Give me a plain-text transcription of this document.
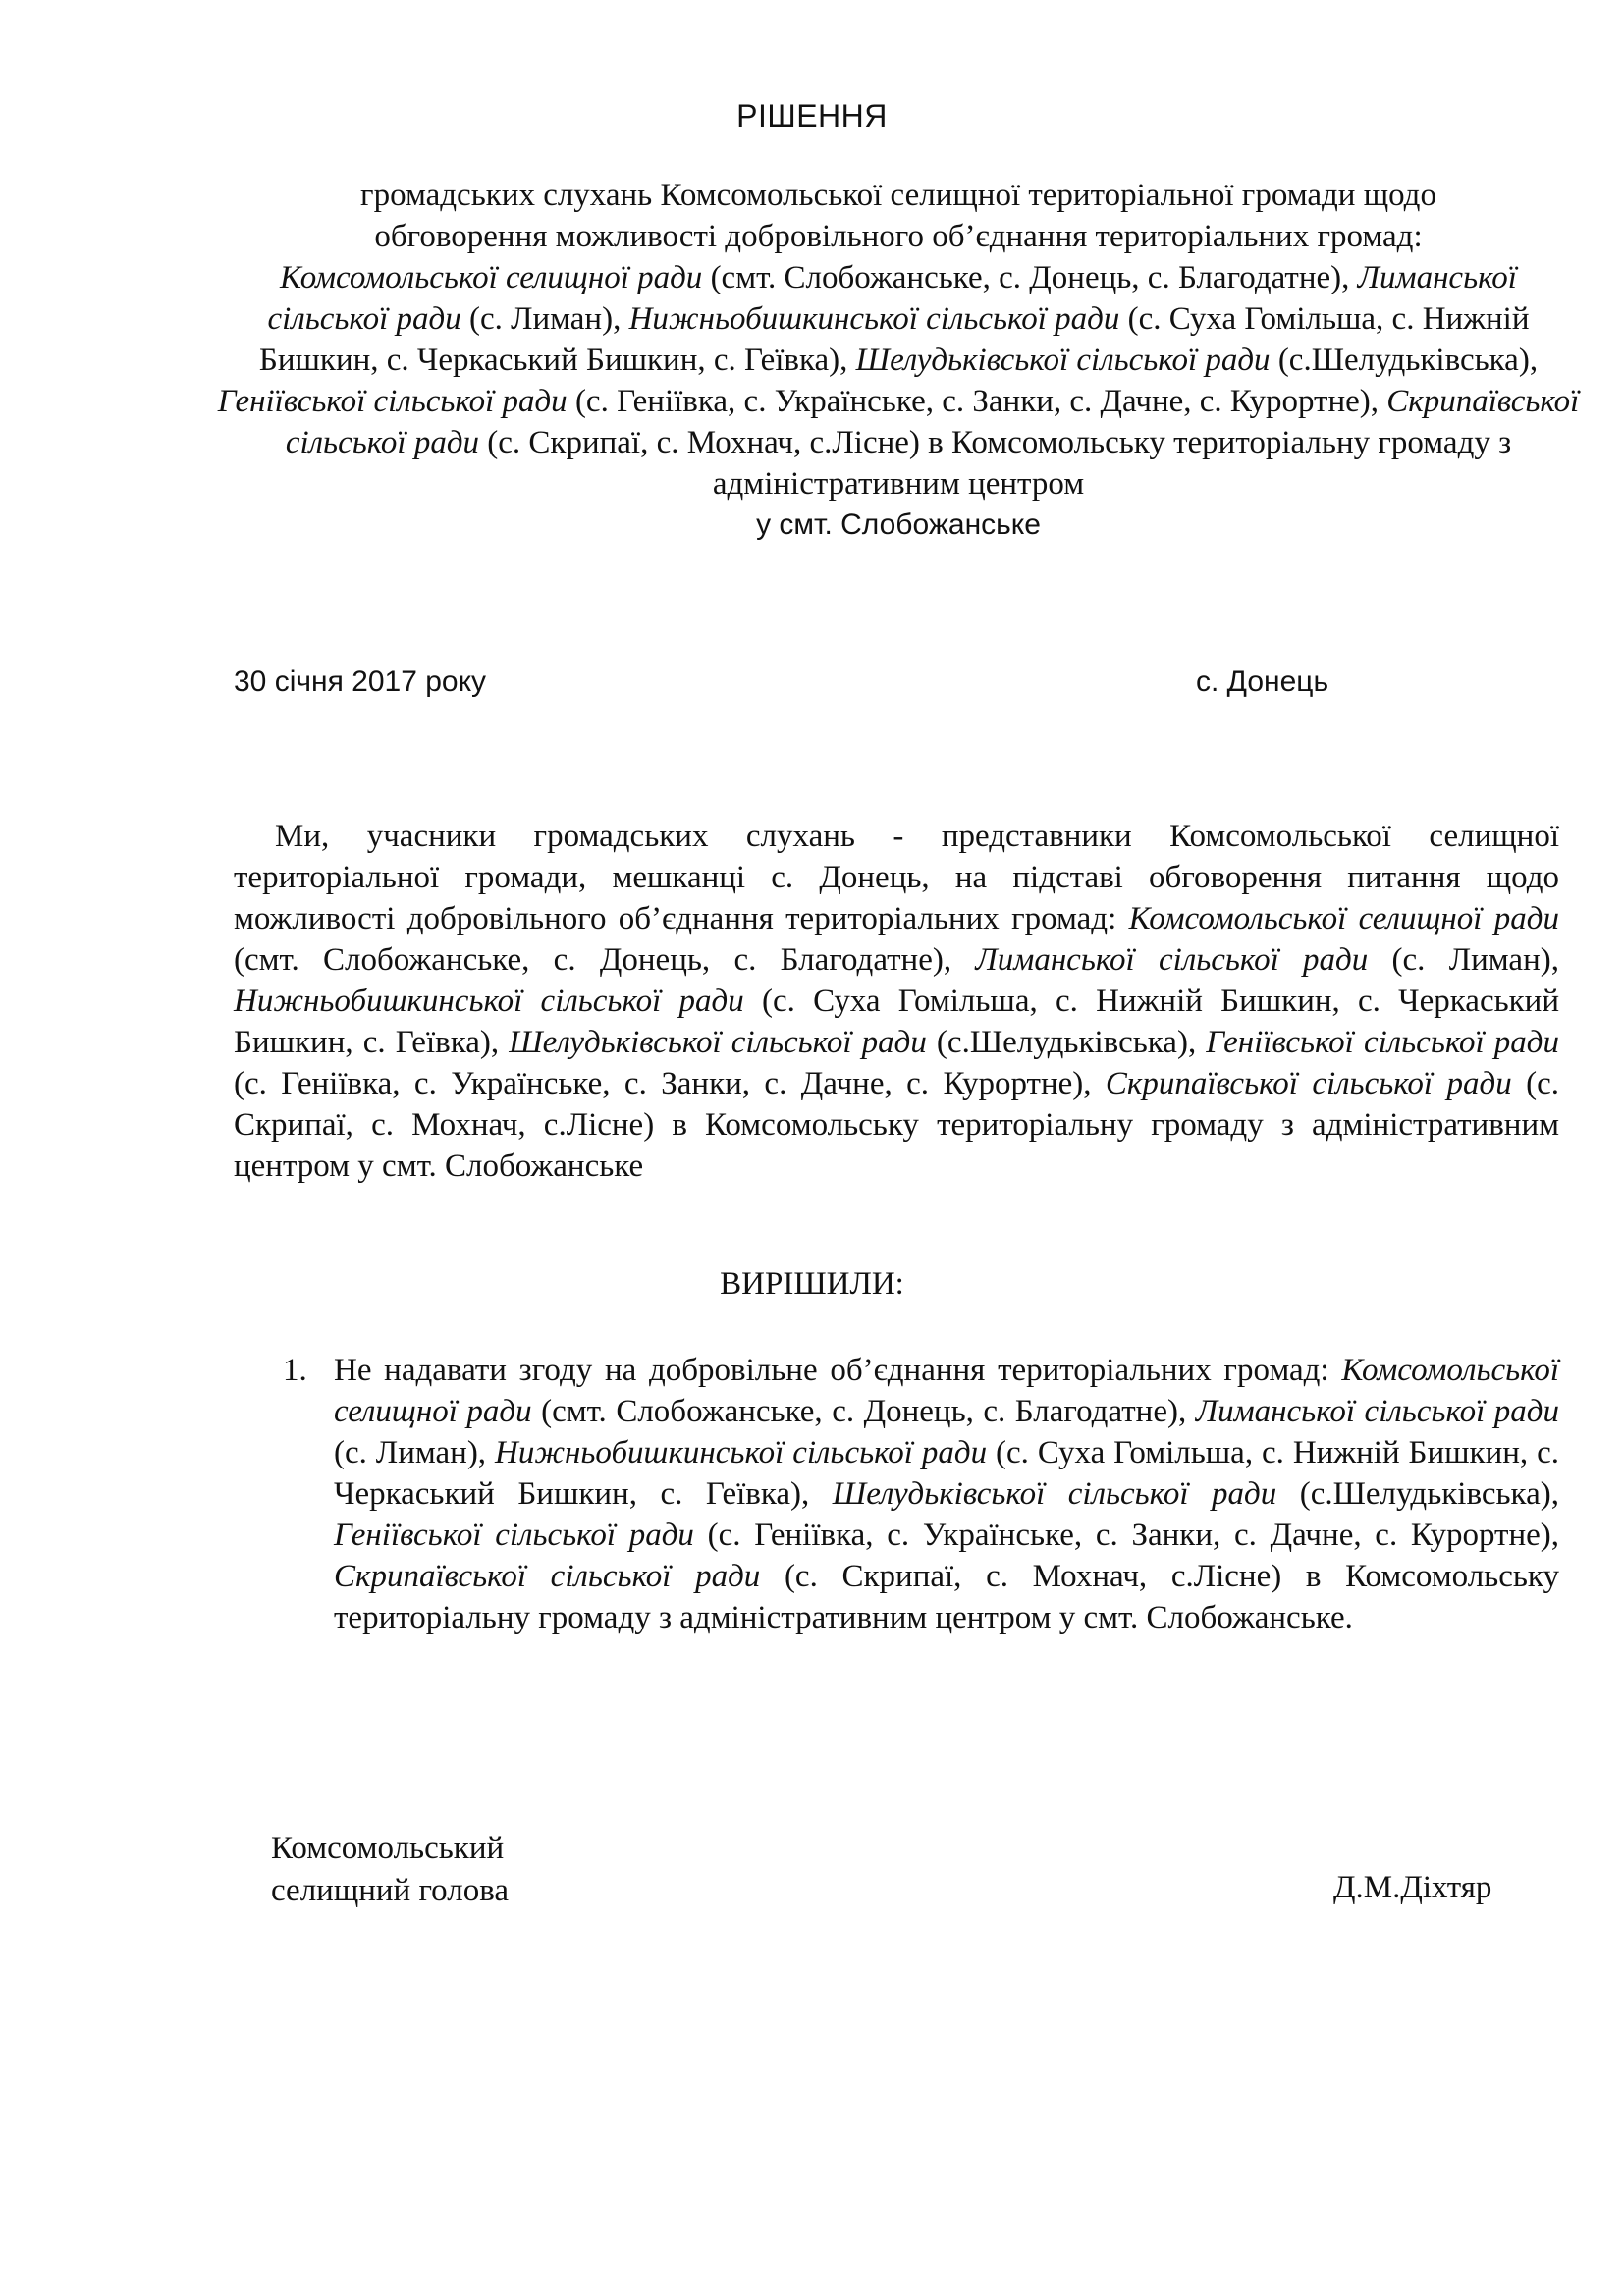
РІШЕННЯ
громадських слухань Комсомольської селищної територіальної громади щодо
обговорення можливості добровільного об’єднання територіальних громад:
Комсомольської селищної ради (смт. Слобожанське, с. Донець, с. Благодатне), Лиманської сільської ради (с. Лиман), Нижньобишкинської сільської ради (с. Суха Гомільша, с. Нижній Бишкин, с. Черкаський Бишкин, с. Геївка), Шелудьківської сільської ради (с.Шелудьківська), Геніївської сільської ради (с. Геніївка, с. Українське, с. Занки, с. Дачне, с. Курортне), Скрипаївської сільської ради (с. Скрипаї, с. Мохнач, с.Лісне) в Комсомольську територіальну громаду з адміністративним центром
у смт. Слобожанське
30 січня 2017 року	с. Донець
Ми, учасники громадських слухань - представники Комсомольської селищної територіальної громади, мешканці с. Донець, на підставі обговорення питання щодо можливості добровільного об’єднання територіальних громад: Комсомольської селищної ради (смт. Слобожанське, с. Донець, с. Благодатне), Лиманської сільської ради (с. Лиман), Нижньобишкинської сільської ради (с. Суха Гомільша, с. Нижній Бишкин, с. Черкаський Бишкин, с. Геївка), Шелудьківської сільської ради (с.Шелудьківська), Геніївської сільської ради (с. Геніївка, с. Українське, с. Занки, с. Дачне, с. Курортне), Скрипаївської сільської ради (с. Скрипаї, с. Мохнач, с.Лісне) в Комсомольську територіальну громаду з адміністративним центром у смт. Слобожанське
ВИРІШИЛИ:
1. Не надавати згоду на добровільне об’єднання територіальних громад: Комсомольської селищної ради (смт. Слобожанське, с. Донець, с. Благодатне), Лиманської сільської ради (с. Лиман), Нижньобишкинської сільської ради (с. Суха Гомільша, с. Нижній Бишкин, с. Черкаський Бишкин, с. Геївка), Шелудьківської сільської ради (с.Шелудьківська), Геніївської сільської ради (с. Геніївка, с. Українське, с. Занки, с. Дачне, с. Курортне), Скрипаївської сільської ради (с. Скрипаї, с. Мохнач, с.Лісне) в Комсомольську територіальну громаду з адміністративним центром у смт. Слобожанське.
Комсомольський
селищний голова	Д.М.Діхтяр
